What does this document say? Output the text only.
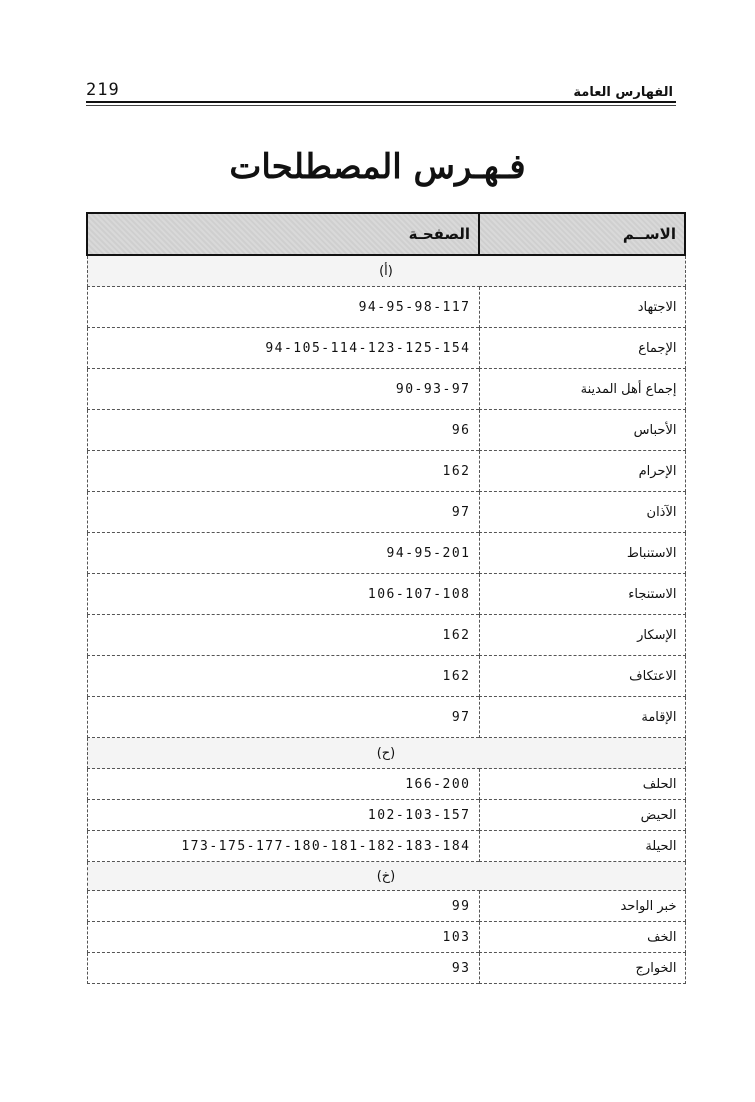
219	الفهارس العامة
فـهـرس المصطلحات
الاســم	الصفحـة
(أ)	
الاجتهاد	94-95-98-117
الإجماع	94-105-114-123-125-154
إجماع أهل المدينة	90-93-97
الأحباس	96
الإحرام	162
الآذان	97
الاستنباط	94-95-201
الاستنجاء	106-107-108
الإسكار	162
الاعتكاف	162
الإقامة	97
(ح)	
الحلف	166-200
الحيض	102-103-157
الحيلة	173-175-177-180-181-182-183-184
(خ)	
خبر الواحد	99
الخف	103
الخوارج	93
